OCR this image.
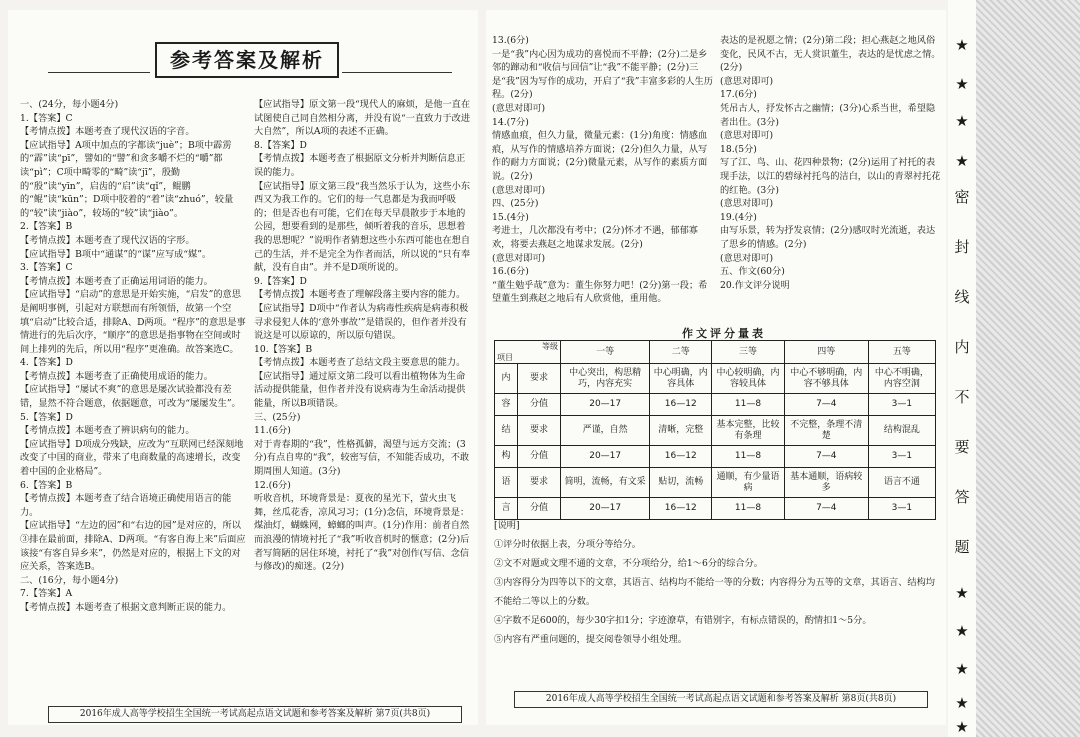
★
★
★
★
密
封
线
内
不
要
答
题
★
★
★
★
★
参考答案及解析

一、(24分，每小题4分)

1.【答案】C

【考情点拨】本题考查了现代汉语的字音。

【应试指导】A项中加点的字都读“juè”；B项中霹雳的“霹”读“pī”，譬如的“譬”和贪多嚼不烂的“嚼”都读“pì”；C项中畸零的“畸”读“jī”，殷勤的“殷”读“yīn”，启齿的“启”读“qǐ”，鲲鹏的“鲲”读“kūn”；D项中胶着的“着”读“zhuó”，较量的“较”读“jiào”，较场的“较”读“jiào”。

2.【答案】B

【考情点拨】本题考查了现代汉语的字形。

【应试指导】B项中“通谋”的“谋”应写成“媒”。

3.【答案】C

【考情点拨】本题考查了正确运用词语的能力。

【应试指导】“启动”的意思是开始实施，“启发”的意思是阐明事例，引起对方联想而有所领悟，故第一个空填“启动”比较合适，排除A、D两项。“程序”的意思是事情进行的先后次序，“顺序”的意思是指事物在空间或时间上排列的先后，所以用“程序”更准确。故答案选C。

4.【答案】D

【考情点拨】本题考查了正确使用成语的能力。

【应试指导】“屡试不爽”的意思是屡次试验都没有差错，显然不符合题意，依据题意，可改为“屡屡发生”。

5.【答案】D

【考情点拨】本题考查了辨识病句的能力。

【应试指导】D项成分残缺，应改为“互联网已经深刻地改变了中国的商业，带来了电商数量的高速增长，改变着中国的企业格局”。

6.【答案】B

【考情点拨】本题考查了结合语境正确使用语言的能力。

【应试指导】“左边的园”和“右边的园”是对应的，所以③排在最前面，排除A、D两项。“有客自海上来”后面应该接“有客自异乡来”，仍然是对应的，根据上下文的对应关系，答案选B。

二、(16分，每小题4分)

7.【答案】A

【考情点拨】本题考查了根据文意判断正误的能力。

【应试指导】原文第一段“现代人的麻烦，是他一直在试图使自己同自然相分离，并没有说“一直致力于改进大自然”，所以A项的表述不正确。

8.【答案】D

【考情点拨】本题考查了根据原文分析并判断信息正误的能力。

【应试指导】原文第三段“我当然乐于认为，这些小东西又为我工作的。它们的每一气息都是为我而呼吸的；但是否也有可能，它们在每天早晨散步于本地的公园，想要看到的是那些，倾听着我的音乐，思想着我的思想呢？”说明作者猜想这些小东西可能也在想自己的生活，并不是完全为作者而活，所以说的“只有奉献，没有自由”。并不是D项所说的。

9.【答案】D

【考情点拨】本题考查了理解段落主要内容的能力。

【应试指导】D项中“作者认为病毒性疾病是病毒积极寻求侵犯人体的‘意外事故’”是错误的，但作者并没有说这是可以原谅的，所以原句错误。

10.【答案】B

【考情点拨】本题考查了总结文段主要意思的能力。

【应试指导】通过原文第二段可以看出植物体为生命活动提供能量，但作者并没有说病毒为生命活动提供能量，所以B项错误。

三、(25分)

11.(6分)

对于青春期的“我”，性格孤僻，渴望与远方交流；(3分)有点自卑的“我”，较密写信，不知能否成功，不敢期周围人知道。(3分)

12.(6分)

听收音机，环境背景是：夏夜的星光下，萤火虫飞舞，丝瓜花香，凉风习习；(1分)念信，环境背景是：煤油灯，蝴蛛网，蟑螂的叫声。(1分)作用：前者自然而浪漫的情境衬托了“我”听收音机时的惬意；(2分)后者写简陋的居住环境，衬托了“我”对创作(写信、念信与修改)的痴迷。(2分)

13.(6分)

一是“我”内心因为成功的喜悦而不平静；(2分)二是乡邻的蹿动和“收信与回信”让“我”不能平静；(2分)三是“我”因为写作的成功，开启了“我”丰富多彩的人生历程。(2分)

(意思对即可)

14.(7分)

情感血痕，但久力量，微量元素：(1分)角度：情感血痕，从写作的情感培养方面说；(2分)但久力量，从写作的耐力方面说；(2分)微量元素，从写作的素质方面说。(2分)

(意思对即可)

四、(25分)

15.(4分)

考进士，几次都没有考中；(2分)怀才不遇，郁郁寡欢，将要去燕赵之地谋求发展。(2分)

(意思对即可)

16.(6分)

“董生勉乎哉”意为：董生你努力吧！(2分)第一段；希望董生到燕赵之地后有人欣赏他，重用他。

表达的是祝愿之情；(2分)第二段；担心燕赵之地风俗变化，民风不古，无人赏识董生，表达的是忧虑之情。(2分)

(意思对即可)

17.(6分)

凭吊古人，抒发怀古之幽情；(3分)心系当世，希望隐者出仕。(3分)

(意思对即可)

18.(5分)

写了江、鸟、山、花四种景物；(2分)运用了衬托的表现手法，以江的碧绿衬托鸟的洁白，以山的青翠衬托花的红艳。(3分)

(意思对即可)

19.(4分)

由写乐景，转为抒发哀情；(2分)感叹时光流逝，表达了思乡的情感。(2分)

(意思对即可)

五、作文(60分)

20.作文评分说明

作文评分量表
等级
项目		一等	二等	三等	四等	五等
内	要求	中心突出，构思精巧，内容充实	中心明确，内容具体	中心较明确，内容较具体	中心不够明确，内容不够具体	中心不明确，内容空洞
容	分值	20—17	16—12	11—8	7—4	3—1
结	要求	严谨，自然	清晰，完整	基本完整，比较有条理	不完整，条理不清楚	结构混乱
构	分值	20—17	16—12	11—8	7—4	3—1
语	要求	简明，流畅，有文采	贴切，流畅	通顺，有少量语病	基本通顺，语病较多	语言不通
言	分值	20—17	16—12	11—8	7—4	3—1

[说明]

①评分时依据上表，分项分等给分。

②文不对题或文理不通的文章，不分项给分，给1～6分的综合分。

③内容得分为四等以下的文章，其语言、结构均不能给一等的分数；内容得分为五等的文章，其语言、结构均不能给二等以上的分数。

④字数不足600的，每少30字扣1分；字迹潦草，有错别字，有标点错误的，酌情扣1～5分。

⑤内容有严重问题的，提交阅卷领导小组处理。

2016年成人高等学校招生全国统一考试高起点语文试题和参考答案及解析 第7页(共8页)
2016年成人高等学校招生全国统一考试高起点语文试题和参考答案及解析 第8页(共8页)
